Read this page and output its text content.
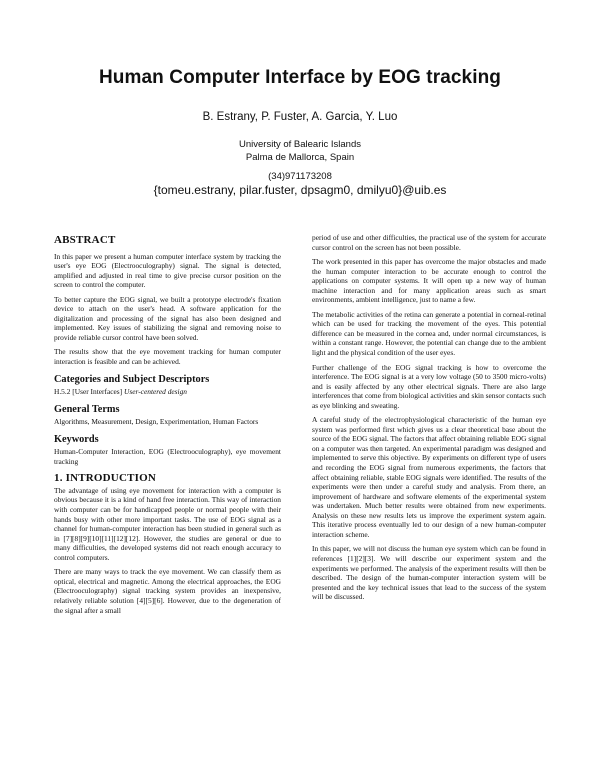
Human Computer Interface by EOG tracking
B. Estrany, P. Fuster, A. Garcia, Y. Luo
University of Balearic Islands
Palma de Mallorca, Spain
(34)971173208
{tomeu.estrany, pilar.fuster, dpsagm0, dmilyu0}@uib.es
ABSTRACT

In this paper we present a human computer interface system by tracking the user's eye EOG (Electrooculography) signal. The signal is detected, amplified and adjusted in real time to give precise cursor position on the screen to control the computer.

To better capture the EOG signal, we built a prototype electrode's fixation device to attach on the user's head. A software application for the digitalization and processing of the signal has also been designed and implemented. Key issues of stabilizing the signal and removing noise to provide reliable cursor control have been solved.

The results show that the eye movement tracking for human computer interaction is feasible and can be achieved.

Categories and Subject Descriptors

H.5.2 [User Interfaces] User-centered design

General Terms

Algorithms, Measurement, Design, Experimentation, Human Factors

Keywords

Human-Computer Interaction, EOG (Electrooculography), eye movement tracking

1. INTRODUCTION

The advantage of using eye movement for interaction with a computer is obvious because it is a kind of hand free interaction. This way of interaction with computer can be for handicapped people or normal people with their hands busy with other more important tasks. The use of EOG signal as a channel for human-computer interaction has been studied in general such as in [7][8][9][10][11][12][12]. However, the studies are general or due to many difficulties, the developed systems did not reach enough accuracy to control computers.

There are many ways to track the eye movement. We can classify them as optical, electrical and magnetic. Among the electrical approaches, the EOG (Electrooculography) signal tracking system provides an inexpensive, relatively reliable solution [4][5][6]. However, due to the degeneration of the signal after a small

period of use and other difficulties, the practical use of the system for accurate cursor control on the screen has not been possible.

The work presented in this paper has overcome the major obstacles and made the human computer interaction to be accurate enough to control the applications on computer systems. It will open up a new way of human machine interaction and for many application areas such as smart environments, ambient intelligence, just to name a few.

The metabolic activities of the retina can generate a potential in corneal-retinal which can be used for tracking the movement of the eyes. This potential difference can be measured in the cornea and, under normal circumstances, is within a constant range. However, the potential can change due to the ambient light and the physical condition of the user eyes.

Further challenge of the EOG signal tracking is how to overcome the interference. The EOG signal is at a very low voltage (50 to 3500 micro-volts) and is easily affected by any other electrical signals. There are also large interferences that come from biological activities and skin sensor contacts such as eye blinking and sweating.

A careful study of the electrophysiological characteristic of the human eye system was performed first which gives us a clear theoretical base about the source of the EOG signal. The factors that affect obtaining reliable EOG signal on a computer was then targeted. An experimental paradigm was designed and implemented to serve this objective. By experiments on different type of users and recording the EOG signal from numerous experiments, the factors that affect obtaining reliable, stable EOG signals were identified. The results of the experiments were then under a careful study and analysis. From there, an improvement of hardware and software elements of the experimental system was undertaken. Much better results were obtained from new experiments. Analysis on these new results lets us improve the experiment system again. This iterative process eventually led to our design of a new human-computer interaction scheme.

In this paper, we will not discuss the human eye system which can be found in references [1][2][3]. We will describe our experiment system and the experiments we performed. The analysis of the experiment results will then be described. The design of the human-computer interaction system will be presented and the key technical issues that lead to the success of the system will be discussed.
